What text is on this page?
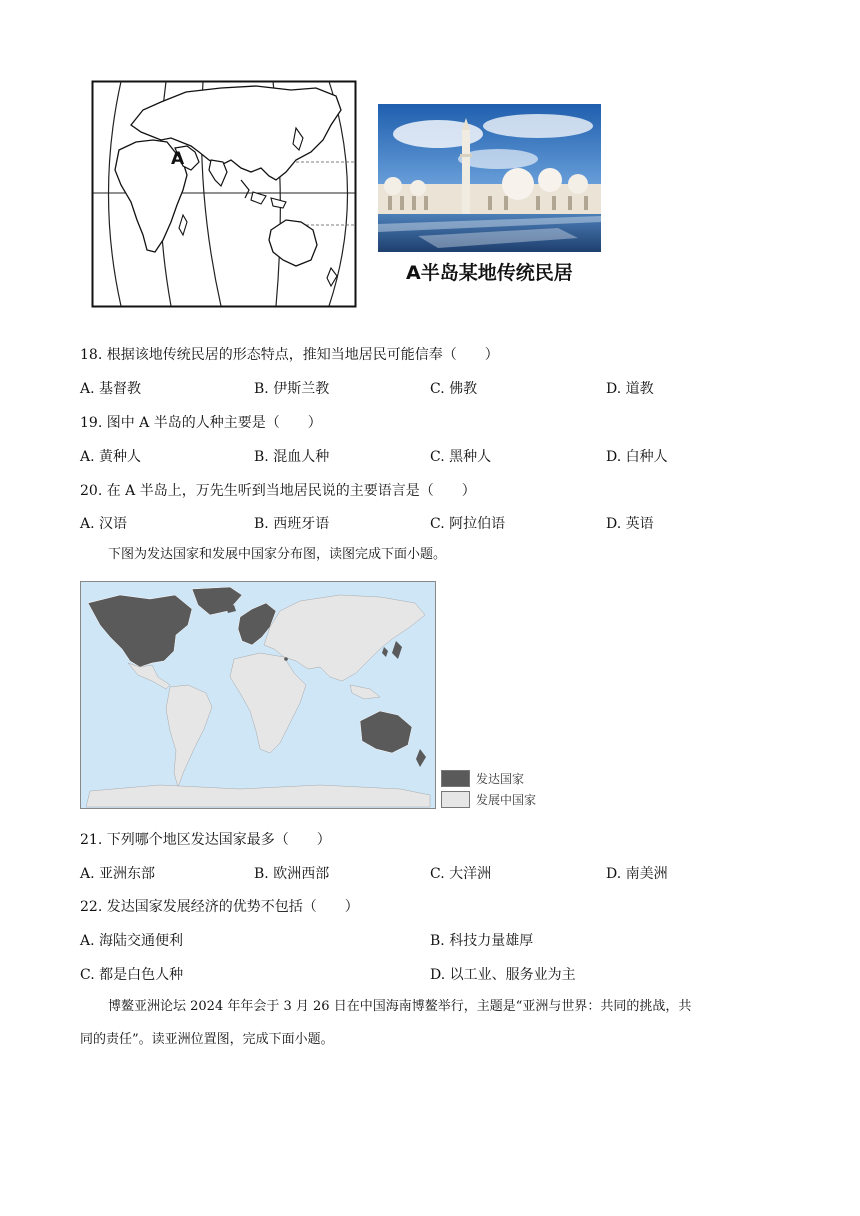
A
A半岛某地传统民居
18. 根据该地传统民居的形态特点，推知当地居民可能信奉（　　）
A. 基督教	B. 伊斯兰教	C. 佛教	D. 道教
19. 图中 A 半岛的人种主要是（　　）
A. 黄种人	B. 混血人种	C. 黑种人	D. 白种人
20. 在 A 半岛上，万先生听到当地居民说的主要语言是（　　）
A. 汉语	B. 西班牙语	C. 阿拉伯语	D. 英语
下图为发达国家和发展中国家分布图，读图完成下面小题。
发达国家
发展中国家
21. 下列哪个地区发达国家最多（　　）
A. 亚洲东部	B. 欧洲西部	C. 大洋洲	D. 南美洲
22. 发达国家发展经济的优势不包括（　　）
A. 海陆交通便利	B. 科技力量雄厚
C. 都是白色人种	D. 以工业、服务业为主
博鳌亚洲论坛 2024 年年会于 3 月 26 日在中国海南博鳌举行，主题是“亚洲与世界：共同的挑战，共
同的责任”。读亚洲位置图，完成下面小题。
